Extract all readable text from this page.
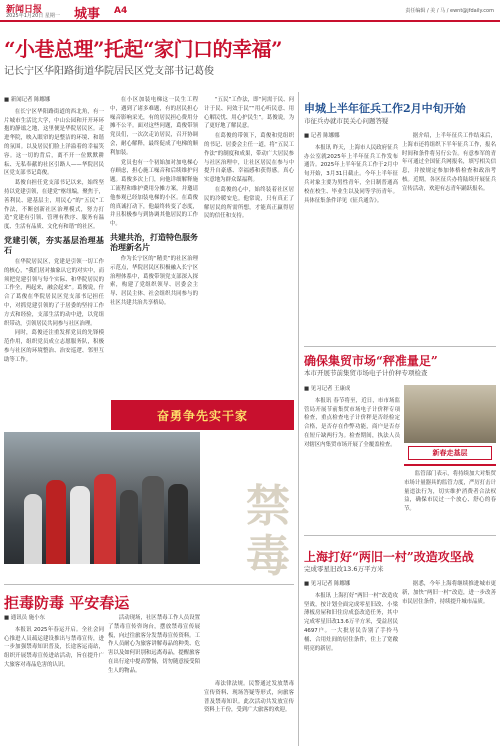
新闻日报
2025年1月20日 星期一 城事 A4	责任编辑 / 美 / 马 / ewnt@jfdaily.com
“小巷总理”托起“家门口的幸福”
记长宁区华阳路街道华院居民区党支部书记葛俊
■ 新闻记者 陈娜娜

在长宁区华阳路街道的西北角，有一片城市生活比大学，中山公园和开开环环抱的静谧之地，这里便是华院居民区。走进华院，映入眼帘的是整洁的环境、和谐的氛围。以及居民们脸上洋溢着的幸福笑容。这一切的背后，离不开一位默默耕耘、无私奉献的社区引路人——华院居民区党支部书记葛俊。

葛俊自担任党支部书记以来，始终坚持以党建引领，在建党”枢纽编，聚焦于，善利民、建基层主，用民心”的“五民”工作法，不断创新社区治理模式，努力打造“党建有引领、管理有秩序、服务有温度、生活有品质、文化有和谐”的社区。

党建引领，夯实基层治理基石

在华院居民区，党建是引领一切工作的核心，“我们居对抽象认它的对实中，而须把党建引领与每个实际、和华院居民的工作全，两起来，融会起来”。葛俊说，什合了葛俊在华院居民区党支部书记担任中，对抓党建引领的了于居委的坚持工作方式和经验，支部生活的动中进，以党组织带动，引领居民共同参与社区治理。

同时，葛俊还注重发挥党员的先锋模范作用，组织党员成立志愿服务队，积极参与社区的环境整治、治安巡逻、邻里互助等工作。

在小区加装电梯这一民生工程中，遇到了诸多难题，有的居民担心噪音影响采光，有的居民担心费用分摊不公平。面对这些问题，葛俊带领党员们，一次次走访居民，召开协调会，耐心解释，最终促成了电梯的顺利加装。

党员也有一个初始加对加电梯心存顾虑，担心施工噪音和后续维护问题。葛俊多次上门，向他详细解释施工流程和维护费用分摊方案，并邀请他参观已经加装电梯的小区。在葛俊的真诚打动下，他最终转变了态度，并且积极参与到协调其他居民的工作中。

共建共治，打造特色服务治理新名片

作为长宁区的“精美”的社区治理示范点，华院居民区积极融入长宁区治理体系中，葛俊带领党支部深入探索，构建了党组织领导、居委会主导、居民主体、社会组织共同参与的社区共建共治共享格局。

“五民”工作法，即“问需于民、问计于民、问效于民”“用心听民意、用心解民忧、用心护民生”。葛俊说，为了更好地了解民意。

在葛俊的带领下，葛俊和党组织的书记、居委会主任一道，将“五民工作法”的制度和成果，带动广大居民参与社区治理中，让社区居民在参与中提升自豪感、幸福感和获得感。真心实意地为群众谋福利。

在葛俊的心中，始终装着社区居民的冷暖安危。他常说，只有真正了解居民的所需所想，才能真正赢得居民的信任和支持。

奋勇争先实干家
禁毒
拒毒防毒 平安春运
■ 通讯员 施小东

本报讯 2025年春运开启。全社会同心推进人员疏运建设推出与禁毒宣传，进一步加强禁毒知识普及，长途客运南站，组织开展禁毒宣传进站活动，旨在提升广大旅客对毒品危害的认识。

活动现场，社区禁毒工作人员设置了禁毒宣传咨询台，摆放禁毒宣传展板，向过往旅客分发禁毒宣传资料。工作人员耐心为旅客讲解毒品的种类、危害以及如何识别和远离毒品，提醒旅客在出行途中提高警惕，切勿随意接受陌生人的物品。

毒法律法规。民警通过发放禁毒宣传资料、现场答疑等形式，向旅客普及禁毒知识。此次活动共发放宣传资料上千份，受到广大旅客的欢迎。

申城上半年征兵工作2月中旬开始
市征兵办就市民关心问题答疑
■ 记者 陈娜娜

本报讯 昨天，上海市人民政府征兵办公室就2025年上半年征兵工作发布通告。2025年上半年征兵工作于2月中旬开始，3月31日截止。今年上半年征兵对象主要为男性青年，全日制普通高校在校生、毕业生以及同等学历青年。具体征集条件详见《征兵通告》。

据介绍，上半年征兵工作结束后，上海市还将组织下半年征兵工作，报名时间和条件将另行公告。有意参军的青年可通过全国征兵网报名，填写相关信息，并按规定参加体格检查和政治考核。近期，各区征兵办将陆续开展征兵宣传活动，欢迎有志青年踊跃报名。

确保集贸市场“秤准量足”
本市开展节前集贸市场电子计价秤专项检查
■ 见习记者 王康成

本报讯 春节将至，近日，市市场监管局开展节前集贸市场电子计价秤专项检查，重点检查电子计价秤是否经检定合格，是否存在作弊功能，商户是否存在短斤缺两行为。检查期间，执法人员对辖区内集贸市场开展了全覆盖检查。

新春走基层

监管部门表示，将持续加大对集贸市场计量器具的监管力度，严厉打击计量违法行为，切实维护消费者合法权益，确保市民过一个放心、舒心的春节。

上海打好“两旧一村”改造攻坚战
完成零星旧改13.6万平方米
■ 见习记者 陈娜娜

本报讯 上海打好“两旧一村”改造攻坚战，按计划全面完成零星旧改、小梁薄板房屋和旧住房成套改造任务，其中完成零星旧改13.6万平方米，受益居民4697户。一大批居民告别了手拎马桶、合用灶间的居住条件，住上了宽敞明亮的新居。

据悉，今年上海将继续推进城市更新，加快“两旧一村”改造，进一步改善市民居住条件，持续提升城市品质。
